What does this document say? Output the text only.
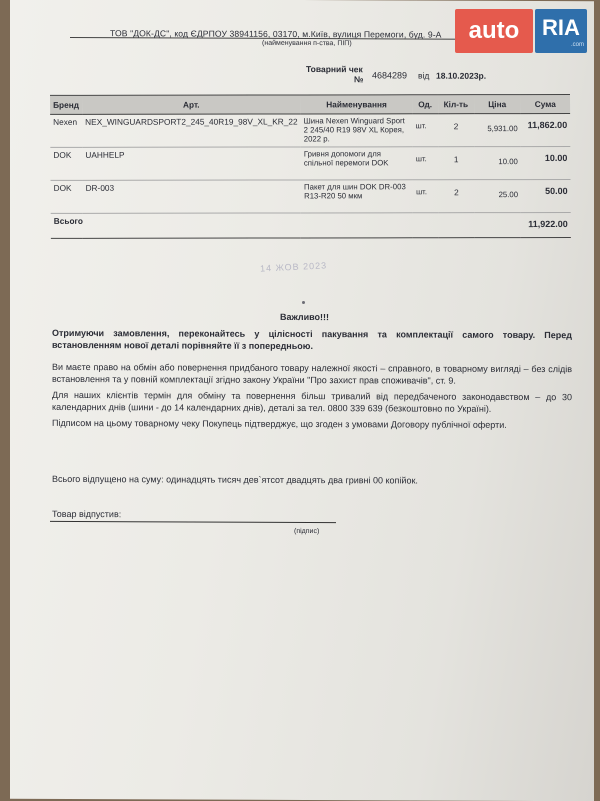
ТОВ "ДОК-ДС", код ЄДРПОУ 38941156, 03170, м.Київ, вулиця Перемоги, буд. 9-А
(найменування п-ства, ПІП)
Товарний чек
№ 4684289 від 18.10.2023р.
Бренд	Арт.	Найменування	Од.	Кіл-ть	Ціна	Сума
Nexen	NEX_WINGUARDSPORT2_245_40R19_98V_XL_KR_22	Шина Nexen Winguard Sport 2 245/40 R19 98V XL Корея, 2022 р.	шт.	2	5,931.00	11,862.00
DOK	UAHHELP	Гривня допомоги для спільної перемоги DOK	шт.	1	10.00	10.00
DOK	DR-003	Пакет для шин DOK DR-003 R13-R20 50 мкм	шт.	2	25.00	50.00
Всього						11,922.00
14 ЖОВ 2023
Важливо!!!
Отримуючи замовлення, переконайтесь у цілісності пакування та комплектації самого товару. Перед встановленням нової деталі порівняйте її з попередньою.
Ви маєте право на обмін або повернення придбаного товару належної якості – справного, в товарному вигляді – без слідів встановлення та у повній комплектації згідно закону України "Про захист прав споживачів", ст. 9.
Для наших клієнтів термін для обміну та повернення більш тривалий від передбаченого законодавством – до 30 календарних днів (шини - до 14 календарних днів), деталі за тел. 0800 339 639 (безкоштовно по Україні).
Підписом на цьому товарному чеку Покупець підтверджує, що згоден з умовами Договору публічної оферти.
Всього відпущено на суму: одинадцять тисяч дев`ятсот двадцять два гривні 00 копійок.
Товар відпустив:
(підпис)
auto	RIA
.com
